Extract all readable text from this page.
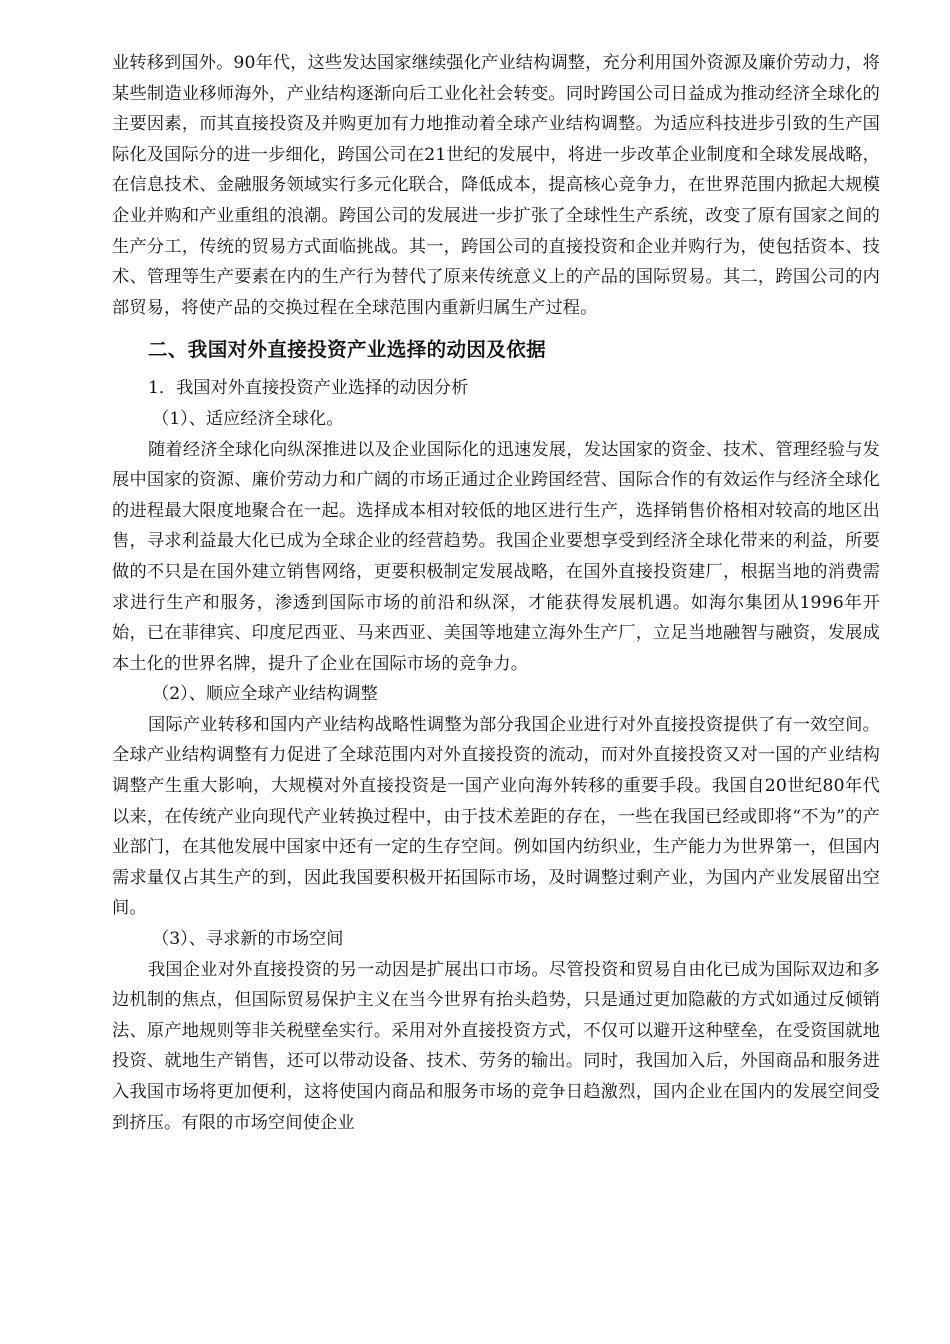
业转移到国外。90年代，这些发达国家继续强化产业结构调整，充分利用国外资源及廉价劳动力，将某些制造业移师海外，产业结构逐渐向后工业化社会转变。同时跨国公司日益成为推动经济全球化的主要因素，而其直接投资及并购更加有力地推动着全球产业结构调整。为适应科技进步引致的生产国际化及国际分的进一步细化，跨国公司在21世纪的发展中，将进一步改革企业制度和全球发展战略，在信息技术、金融服务领域实行多元化联合，降低成本，提高核心竞争力，在世界范围内掀起大规模企业并购和产业重组的浪潮。跨国公司的发展进一步扩张了全球性生产系统，改变了原有国家之间的生产分工，传统的贸易方式面临挑战。其一，跨国公司的直接投资和企业并购行为，使包括资本、技术、管理等生产要素在内的生产行为替代了原来传统意义上的产品的国际贸易。其二，跨国公司的内部贸易，将使产品的交换过程在全球范围内重新归属生产过程。

二、我国对外直接投资产业选择的动因及依据

1．我国对外直接投资产业选择的动因分析

（1）、适应经济全球化。

随着经济全球化向纵深推进以及企业国际化的迅速发展，发达国家的资金、技术、管理经验与发展中国家的资源、廉价劳动力和广阔的市场正通过企业跨国经营、国际合作的有效运作与经济全球化的进程最大限度地聚合在一起。选择成本相对较低的地区进行生产，选择销售价格相对较高的地区出售，寻求利益最大化已成为全球企业的经营趋势。我国企业要想享受到经济全球化带来的利益，所要做的不只是在国外建立销售网络，更要积极制定发展战略，在国外直接投资建厂，根据当地的消费需求进行生产和服务，渗透到国际市场的前沿和纵深，才能获得发展机遇。如海尔集团从1996年开始，已在菲律宾、印度尼西亚、马来西亚、美国等地建立海外生产厂，立足当地融智与融资，发展成本土化的世界名牌，提升了企业在国际市场的竞争力。

（2）、顺应全球产业结构调整

国际产业转移和国内产业结构战略性调整为部分我国企业进行对外直接投资提供了有一效空间。全球产业结构调整有力促进了全球范围内对外直接投资的流动，而对外直接投资又对一国的产业结构调整产生重大影响，大规模对外直接投资是一国产业向海外转移的重要手段。我国自20世纪80年代以来，在传统产业向现代产业转换过程中，由于技术差距的存在，一些在我国已经或即将“不为”的产业部门，在其他发展中国家中还有一定的生存空间。例如国内纺织业，生产能力为世界第一，但国内需求量仅占其生产的到，因此我国要积极开拓国际市场，及时调整过剩产业，为国内产业发展留出空间。

（3）、寻求新的市场空间

我国企业对外直接投资的另一动因是扩展出口市场。尽管投资和贸易自由化已成为国际双边和多边机制的焦点，但国际贸易保护主义在当今世界有抬头趋势，只是通过更加隐蔽的方式如通过反倾销法、原产地规则等非关税壁垒实行。采用对外直接投资方式，不仅可以避开这种壁垒，在受资国就地投资、就地生产销售，还可以带动设备、技术、劳务的输出。同时，我国加入后，外国商品和服务进入我国市场将更加便利，这将使国内商品和服务市场的竞争日趋激烈，国内企业在国内的发展空间受到挤压。有限的市场空间使企业
